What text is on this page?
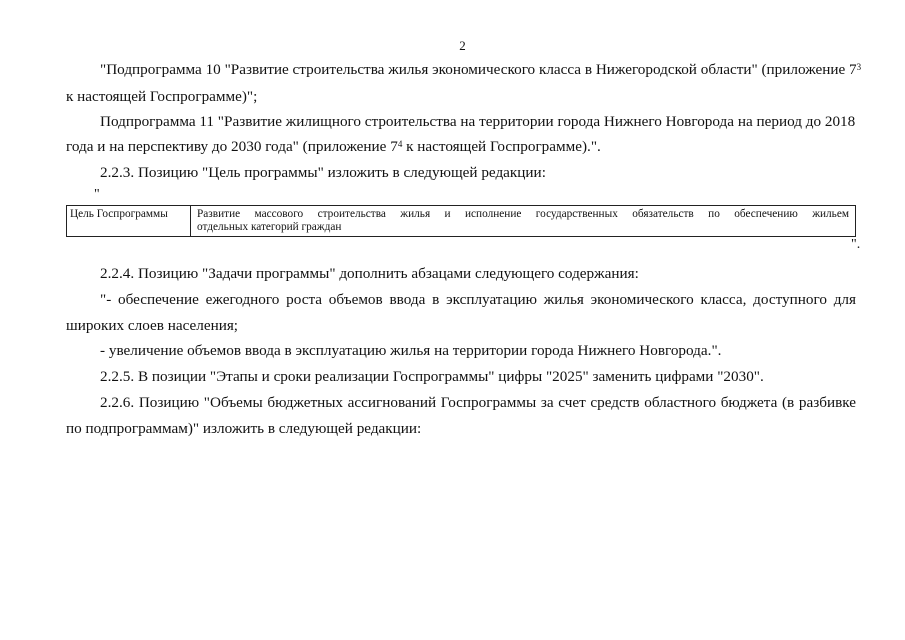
2
"Подпрограмма 10 "Развитие строительства жилья экономического класса в Нижегородской области" (приложение $7^3$
к настоящей Госпрограмме)";
Подпрограмма 11 "Развитие жилищного строительства на территории города Нижнего Новгорода на период до 2018
года и на перспективу до 2030 года" (приложение $7^4$ к настоящей Госпрограмме).".
2.2.3. Позицию "Цель программы" изложить в следующей редакции:
"
Цель Госпрограммы	Развитие массового строительства жилья и исполнение государственных обязательств по обеспечению жильем
отдельных категорий граждан
".
2.2.4. Позицию "Задачи программы" дополнить абзацами следующего содержания:
"- обеспечение ежегодного роста объемов ввода в эксплуатацию жилья экономического класса, доступного для
широких слоев населения;
- увеличение объемов ввода в эксплуатацию жилья на территории города Нижнего Новгорода.".
2.2.5. В позиции "Этапы и сроки реализации Госпрограммы" цифры "2025" заменить цифрами "2030".
2.2.6. Позицию "Объемы бюджетных ассигнований Госпрограммы за счет средств областного бюджета (в разбивке
по подпрограммам)" изложить в следующей редакции:
